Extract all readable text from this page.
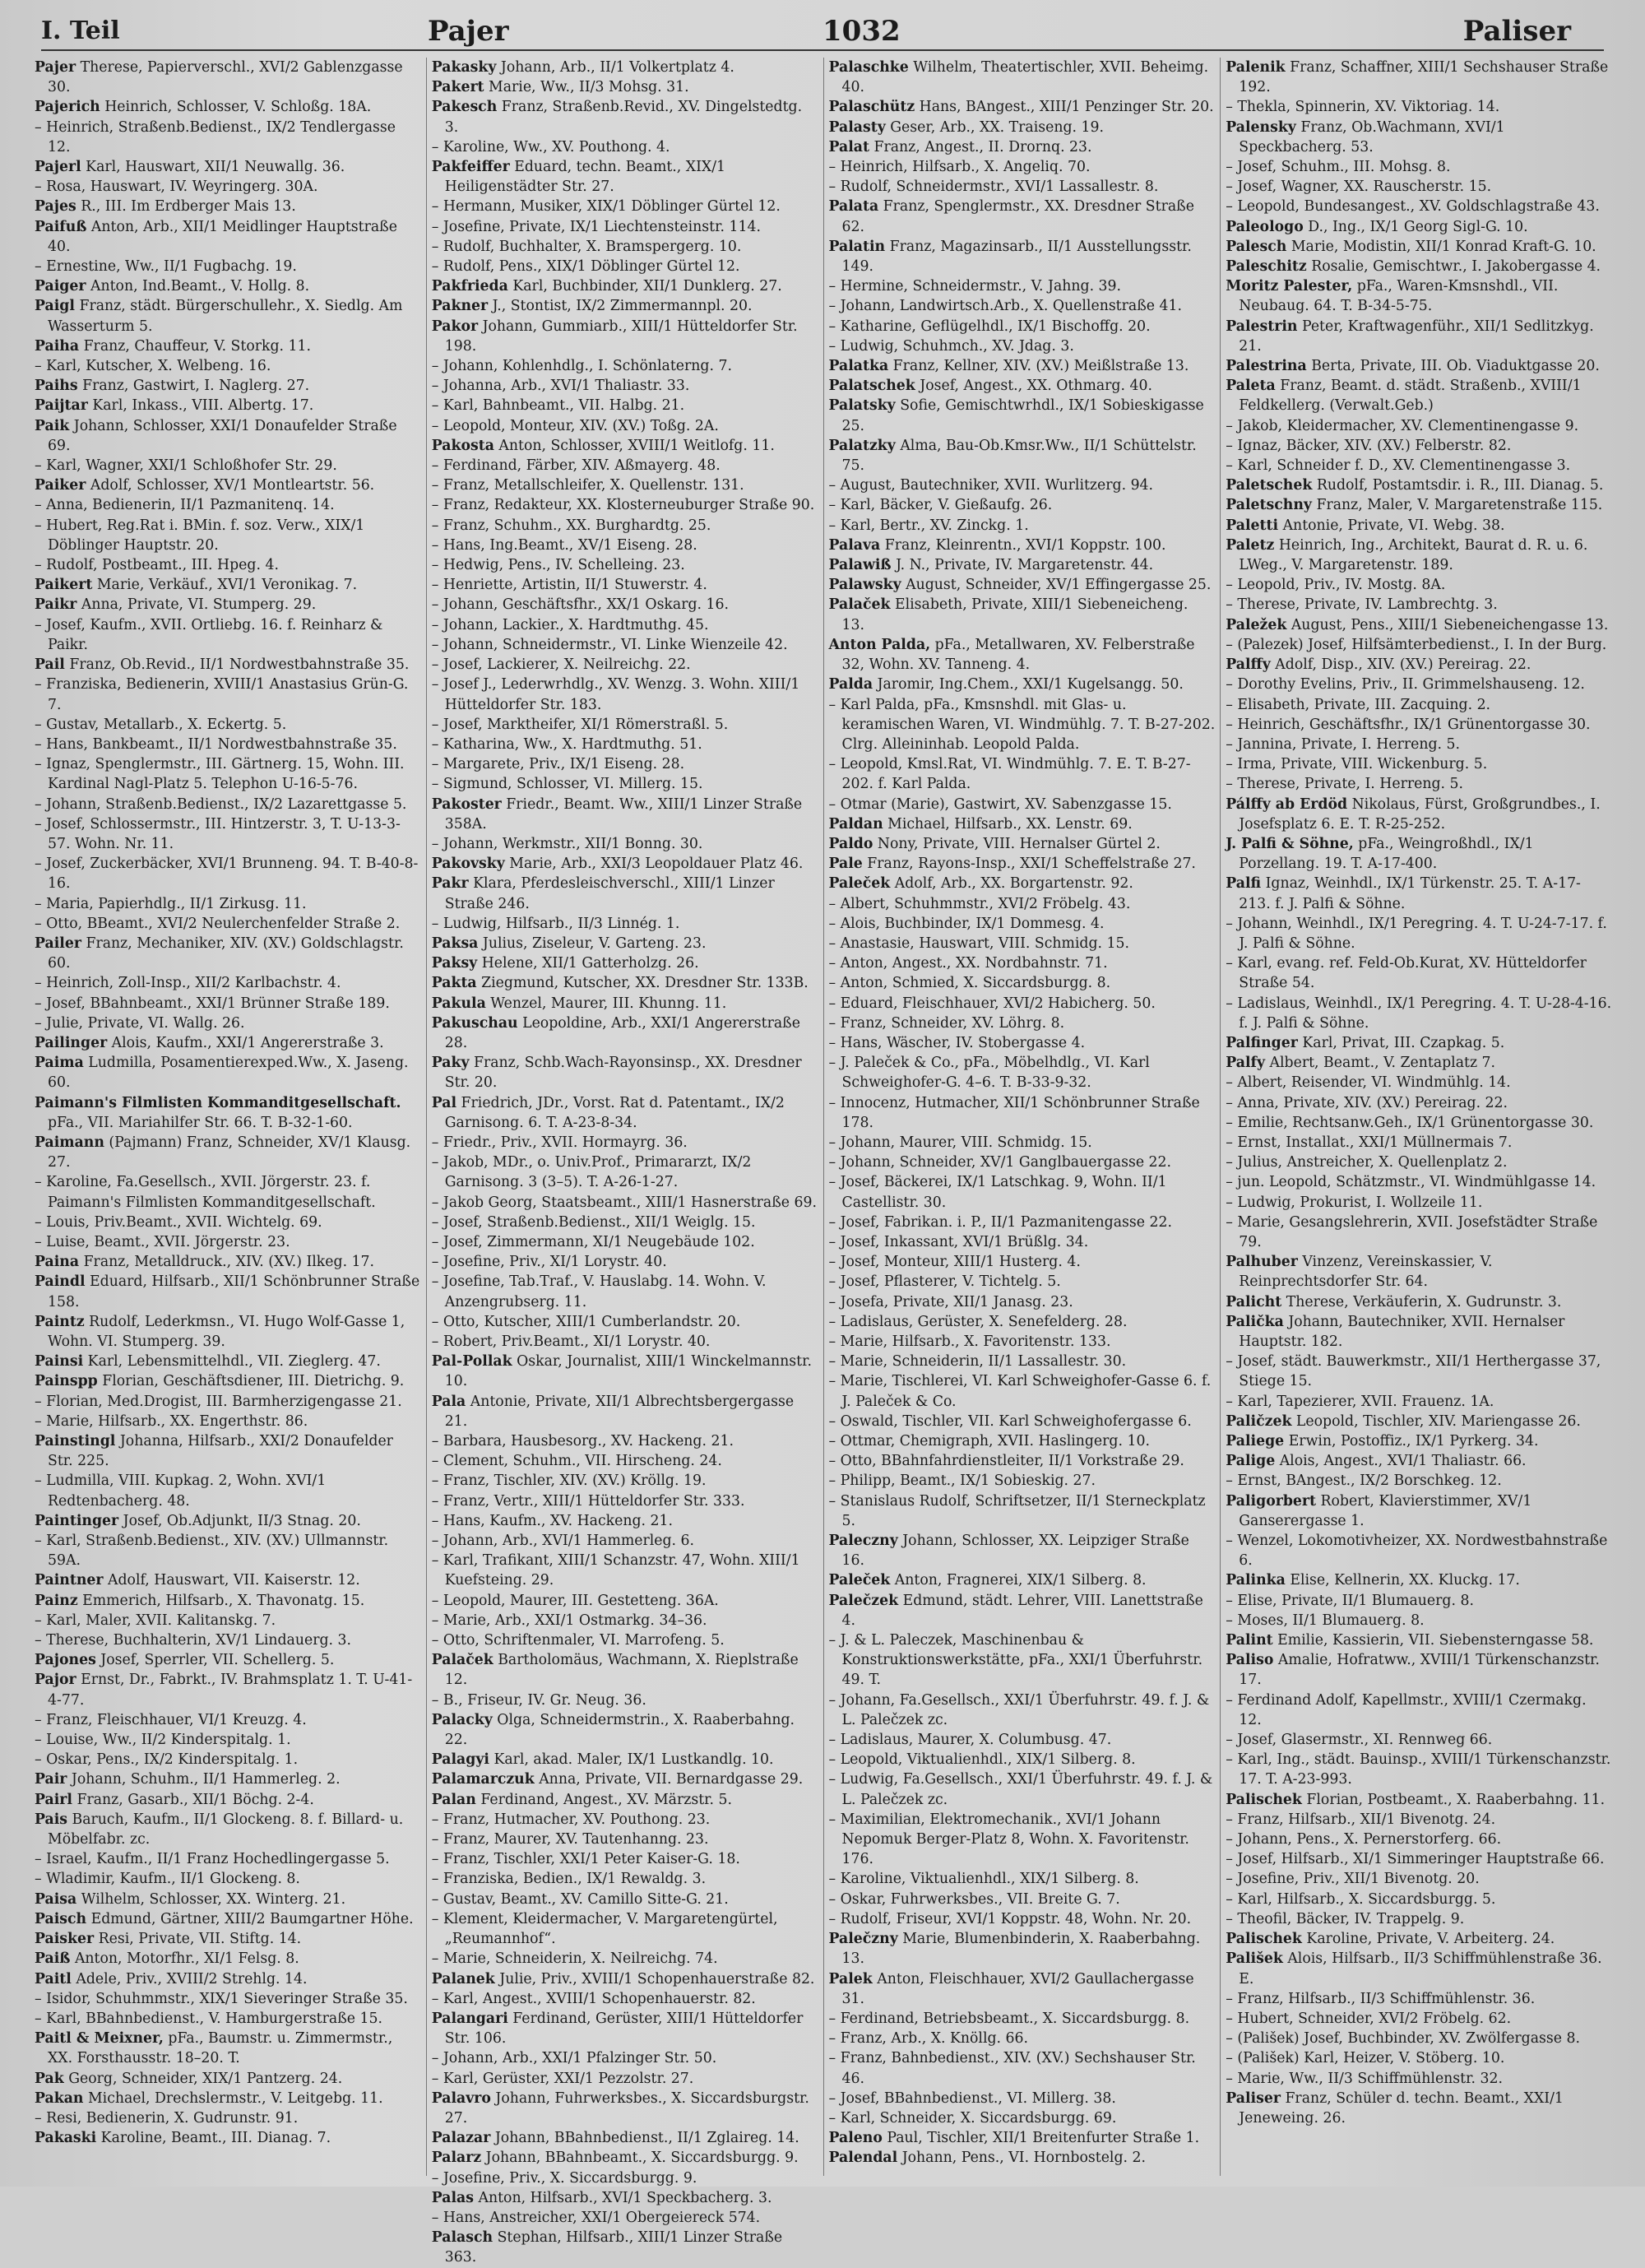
I. Teil	Pajer	1032	Paliser
Pajer Therese, Papierverschl., XVI/2 Gablenzgasse 30.
Pajerich Heinrich, Schlosser, V. Schloßg. 18A.
– Heinrich, Straßenb.Bedienst., IX/2 Tendlergasse 12.
Pajerl Karl, Hauswart, XII/1 Neuwallg. 36.
– Rosa, Hauswart, IV. Weyringerg. 30A.
Pajes R., III. Im Erdberger Mais 13.
Paifuß Anton, Arb., XII/1 Meidlinger Hauptstraße 40.
– Ernestine, Ww., II/1 Fugbachg. 19.
Paiger Anton, Ind.Beamt., V. Hollg. 8.
Paigl Franz, städt. Bürgerschullehr., X. Siedlg. Am Wasserturm 5.
Paiha Franz, Chauffeur, V. Storkg. 11.
– Karl, Kutscher, X. Welbeng. 16.
Paihs Franz, Gastwirt, I. Naglerg. 27.
Paijtar Karl, Inkass., VIII. Albertg. 17.
Paik Johann, Schlosser, XXI/1 Donaufelder Straße 69.
– Karl, Wagner, XXI/1 Schloßhofer Str. 29.
Paiker Adolf, Schlosser, XV/1 Montleartstr. 56.
– Anna, Bedienerin, II/1 Pazmanitenq. 14.
– Hubert, Reg.Rat i. BMin. f. soz. Verw., XIX/1 Döblinger Hauptstr. 20.
– Rudolf, Postbeamt., III. Hpeg. 4.
Paikert Marie, Verkäuf., XVI/1 Veronikag. 7.
Paikr Anna, Private, VI. Stumperg. 29.
– Josef, Kaufm., XVII. Ortliebg. 16. f. Reinharz & Paikr.
Pail Franz, Ob.Revid., II/1 Nordwestbahnstraße 35.
– Franziska, Bedienerin, XVIII/1 Anastasius Grün-G. 7.
– Gustav, Metallarb., X. Eckertg. 5.
– Hans, Bankbeamt., II/1 Nordwestbahnstraße 35.
– Ignaz, Spenglermstr., III. Gärtnerg. 15, Wohn. III. Kardinal Nagl-Platz 5. Telephon U-16-5-76.
– Johann, Straßenb.Bedienst., IX/2 Lazarettgasse 5.
– Josef, Schlossermstr., III. Hintzerstr. 3, T. U-13-3-57. Wohn. Nr. 11.
– Josef, Zuckerbäcker, XVI/1 Brunneng. 94. T. B-40-8-16.
– Maria, Papierhdlg., II/1 Zirkusg. 11.
– Otto, BBeamt., XVI/2 Neulerchenfelder Straße 2.
Pailer Franz, Mechaniker, XIV. (XV.) Goldschlagstr. 60.
– Heinrich, Zoll-Insp., XII/2 Karlbachstr. 4.
– Josef, BBahnbeamt., XXI/1 Brünner Straße 189.
– Julie, Private, VI. Wallg. 26.
Pailinger Alois, Kaufm., XXI/1 Angererstraße 3.
Paima Ludmilla, Posamentierexped.Ww., X. Jaseng. 60.
Paimann's Filmlisten Kommanditgesellschaft. pFa., VII. Mariahilfer Str. 66. T. B-32-1-60.
Paimann (Pajmann) Franz, Schneider, XV/1 Klausg. 27.
– Karoline, Fa.Gesellsch., XVII. Jörgerstr. 23. f. Paimann's Filmlisten Kommanditgesellschaft.
– Louis, Priv.Beamt., XVII. Wichtelg. 69.
– Luise, Beamt., XVII. Jörgerstr. 23.
Paina Franz, Metalldruck., XIV. (XV.) Ilkeg. 17.
Paindl Eduard, Hilfsarb., XII/1 Schönbrunner Straße 158.
Paintz Rudolf, Lederkmsn., VI. Hugo Wolf-Gasse 1, Wohn. VI. Stumperg. 39.
Painsi Karl, Lebensmittelhdl., VII. Zieglerg. 47.
Painspp Florian, Geschäftsdiener, III. Dietrichg. 9.
– Florian, Med.Drogist, III. Barmherzigengasse 21.
– Marie, Hilfsarb., XX. Engerthstr. 86.
Painstingl Johanna, Hilfsarb., XXI/2 Donaufelder Str. 225.
– Ludmilla, VIII. Kupkag. 2, Wohn. XVI/1 Redtenbacherg. 48.
Paintinger Josef, Ob.Adjunkt, II/3 Stnag. 20.
– Karl, Straßenb.Bedienst., XIV. (XV.) Ullmannstr. 59A.
Paintner Adolf, Hauswart, VII. Kaiserstr. 12.
Painz Emmerich, Hilfsarb., X. Thavonatg. 15.
– Karl, Maler, XVII. Kalitanskg. 7.
– Therese, Buchhalterin, XV/1 Lindauerg. 3.
Pajones Josef, Sperrler, VII. Schellerg. 5.
Pajor Ernst, Dr., Fabrkt., IV. Brahmsplatz 1. T. U-41-4-77.
– Franz, Fleischhauer, VI/1 Kreuzg. 4.
– Louise, Ww., II/2 Kinderspitalg. 1.
– Oskar, Pens., IX/2 Kinderspitalg. 1.
Pair Johann, Schuhm., II/1 Hammerleg. 2.
Pairl Franz, Gasarb., XII/1 Böchg. 2-4.
Pais Baruch, Kaufm., II/1 Glockeng. 8. f. Billard- u. Möbelfabr. zc.
– Israel, Kaufm., II/1 Franz Hochedlingergasse 5.
– Wladimir, Kaufm., II/1 Glockeng. 8.
Paisa Wilhelm, Schlosser, XX. Winterg. 21.
Paisch Edmund, Gärtner, XIII/2 Baumgartner Höhe.
Paisker Resi, Private, VII. Stiftg. 14.
Paiß Anton, Motorfhr., XI/1 Felsg. 8.
Paitl Adele, Priv., XVIII/2 Strehlg. 14.
– Isidor, Schuhmmstr., XIX/1 Sieveringer Straße 35.
– Karl, BBahnbedienst., V. Hamburgerstraße 15.
Paitl & Meixner, pFa., Baumstr. u. Zimmermstr., XX. Forsthausstr. 18–20. T.
Pak Georg, Schneider, XIX/1 Pantzerg. 24.
Pakan Michael, Drechslermstr., V. Leitgebg. 11.
– Resi, Bedienerin, X. Gudrunstr. 91.
Pakaski Karoline, Beamt., III. Dianag. 7.
Pakasky Johann, Arb., II/1 Volkertplatz 4.
Pakert Marie, Ww., II/3 Mohsg. 31.
Pakesch Franz, Straßenb.Revid., XV. Dingelstedtg. 3.
– Karoline, Ww., XV. Pouthong. 4.
Pakfeiffer Eduard, techn. Beamt., XIX/1 Heiligenstädter Str. 27.
– Hermann, Musiker, XIX/1 Döblinger Gürtel 12.
– Josefine, Private, IX/1 Liechtensteinstr. 114.
– Rudolf, Buchhalter, X. Bramspergerg. 10.
– Rudolf, Pens., XIX/1 Döblinger Gürtel 12.
Pakfrieda Karl, Buchbinder, XII/1 Dunklerg. 27.
Pakner J., Stontist, IX/2 Zimmermannpl. 20.
Pakor Johann, Gummiarb., XIII/1 Hütteldorfer Str. 198.
– Johann, Kohlenhdlg., I. Schönlaterng. 7.
– Johanna, Arb., XVI/1 Thaliastr. 33.
– Karl, Bahnbeamt., VII. Halbg. 21.
– Leopold, Monteur, XIV. (XV.) Toßg. 2A.
Pakosta Anton, Schlosser, XVIII/1 Weitlofg. 11.
– Ferdinand, Färber, XIV. Aßmayerg. 48.
– Franz, Metallschleifer, X. Quellenstr. 131.
– Franz, Redakteur, XX. Klosterneuburger Straße 90.
– Franz, Schuhm., XX. Burghardtg. 25.
– Hans, Ing.Beamt., XV/1 Eiseng. 28.
– Hedwig, Pens., IV. Schelleing. 23.
– Henriette, Artistin, II/1 Stuwerstr. 4.
– Johann, Geschäftsfhr., XX/1 Oskarg. 16.
– Johann, Lackier., X. Hardtmuthg. 45.
– Johann, Schneidermstr., VI. Linke Wienzeile 42.
– Josef, Lackierer, X. Neilreichg. 22.
– Josef J., Lederwrhdlg., XV. Wenzg. 3. Wohn. XIII/1 Hütteldorfer Str. 183.
– Josef, Marktheifer, XI/1 Römerstraßl. 5.
– Katharina, Ww., X. Hardtmuthg. 51.
– Margarete, Priv., IX/1 Eiseng. 28.
– Sigmund, Schlosser, VI. Millerg. 15.
Pakoster Friedr., Beamt. Ww., XIII/1 Linzer Straße 358A.
– Johann, Werkmstr., XII/1 Bonng. 30.
Pakovsky Marie, Arb., XXI/3 Leopoldauer Platz 46.
Pakr Klara, Pferdesleischverschl., XIII/1 Linzer Straße 246.
– Ludwig, Hilfsarb., II/3 Linnég. 1.
Paksa Julius, Ziseleur, V. Garteng. 23.
Paksy Helene, XII/1 Gatterholzg. 26.
Pakta Ziegmund, Kutscher, XX. Dresdner Str. 133B.
Pakula Wenzel, Maurer, III. Khunng. 11.
Pakuschau Leopoldine, Arb., XXI/1 Angererstraße 28.
Paky Franz, Schb.Wach-Rayonsinsp., XX. Dresdner Str. 20.
Pal Friedrich, JDr., Vorst. Rat d. Patentamt., IX/2 Garnisong. 6. T. A-23-8-34.
– Friedr., Priv., XVII. Hormayrg. 36.
– Jakob, MDr., o. Univ.Prof., Primararzt, IX/2 Garnisong. 3 (3–5). T. A-26-1-27.
– Jakob Georg, Staatsbeamt., XIII/1 Hasnerstraße 69.
– Josef, Straßenb.Bedienst., XII/1 Weiglg. 15.
– Josef, Zimmermann, XI/1 Neugebäude 102.
– Josefine, Priv., XI/1 Lorystr. 40.
– Josefine, Tab.Traf., V. Hauslabg. 14. Wohn. V. Anzengrubserg. 11.
– Otto, Kutscher, XIII/1 Cumberlandstr. 20.
– Robert, Priv.Beamt., XI/1 Lorystr. 40.
Pal-Pollak Oskar, Journalist, XIII/1 Winckelmannstr. 10.
Pala Antonie, Private, XII/1 Albrechtsbergergasse 21.
– Barbara, Hausbesorg., XV. Hackeng. 21.
– Clement, Schuhm., VII. Hirscheng. 24.
– Franz, Tischler, XIV. (XV.) Kröllg. 19.
– Franz, Vertr., XIII/1 Hütteldorfer Str. 333.
– Hans, Kaufm., XV. Hackeng. 21.
– Johann, Arb., XVI/1 Hammerleg. 6.
– Karl, Trafikant, XIII/1 Schanzstr. 47, Wohn. XIII/1 Kuefsteing. 29.
– Leopold, Maurer, III. Gestetteng. 36A.
– Marie, Arb., XXI/1 Ostmarkg. 34–36.
– Otto, Schriftenmaler, VI. Marrofeng. 5.
Palaček Bartholomäus, Wachmann, X. Rieplstraße 12.
– B., Friseur, IV. Gr. Neug. 36.
Palacky Olga, Schneidermstrin., X. Raaberbahng. 22.
Palagyi Karl, akad. Maler, IX/1 Lustkandlg. 10.
Palamarczuk Anna, Private, VII. Bernardgasse 29.
Palan Ferdinand, Angest., XV. Märzstr. 5.
– Franz, Hutmacher, XV. Pouthong. 23.
– Franz, Maurer, XV. Tautenhanng. 23.
– Franz, Tischler, XXI/1 Peter Kaiser-G. 18.
– Franziska, Bedien., IX/1 Rewaldg. 3.
– Gustav, Beamt., XV. Camillo Sitte-G. 21.
– Klement, Kleidermacher, V. Margaretengürtel, „Reumannhof“.
– Marie, Schneiderin, X. Neilreichg. 74.
Palanek Julie, Priv., XVIII/1 Schopenhauerstraße 82.
– Karl, Angest., XVIII/1 Schopenhauerstr. 82.
Palangari Ferdinand, Gerüster, XIII/1 Hütteldorfer Str. 106.
– Johann, Arb., XXI/1 Pfalzinger Str. 50.
– Karl, Gerüster, XXI/1 Pezzolstr. 27.
Palavro Johann, Fuhrwerksbes., X. Siccardsburgstr. 27.
Palazar Johann, BBahnbedienst., II/1 Zglaireg. 14.
Palarz Johann, BBahnbeamt., X. Siccardsburgg. 9.
– Josefine, Priv., X. Siccardsburgg. 9.
Palas Anton, Hilfsarb., XVI/1 Speckbacherg. 3.
– Hans, Anstreicher, XXI/1 Obergeiereck 574.
Palasch Stephan, Hilfsarb., XIII/1 Linzer Straße 363.
Palaschke Wilhelm, Theatertischler, XVII. Beheimg. 40.
Palaschütz Hans, BAngest., XIII/1 Penzinger Str. 20.
Palasty Geser, Arb., XX. Traiseng. 19.
Palat Franz, Angest., II. Drornq. 23.
– Heinrich, Hilfsarb., X. Angeliq. 70.
– Rudolf, Schneidermstr., XVI/1 Lassallestr. 8.
Palata Franz, Spenglermstr., XX. Dresdner Straße 62.
Palatin Franz, Magazinsarb., II/1 Ausstellungsstr. 149.
– Hermine, Schneidermstr., V. Jahng. 39.
– Johann, Landwirtsch.Arb., X. Quellenstraße 41.
– Katharine, Geflügelhdl., IX/1 Bischoffg. 20.
– Ludwig, Schuhmch., XV. Jdag. 3.
Palatka Franz, Kellner, XIV. (XV.) Meißlstraße 13.
Palatschek Josef, Angest., XX. Othmarg. 40.
Palatsky Sofie, Gemischtwrhdl., IX/1 Sobieskigasse 25.
Palatzky Alma, Bau-Ob.Kmsr.Ww., II/1 Schüttelstr. 75.
– August, Bautechniker, XVII. Wurlitzerg. 94.
– Karl, Bäcker, V. Gießaufg. 26.
– Karl, Bertr., XV. Zinckg. 1.
Palava Franz, Kleinrentn., XVI/1 Koppstr. 100.
Palawiß J. N., Private, IV. Margaretenstr. 44.
Palawsky August, Schneider, XV/1 Effingergasse 25.
Palaček Elisabeth, Private, XIII/1 Siebeneicheng. 13.
Anton Palda, pFa., Metallwaren, XV. Felberstraße 32, Wohn. XV. Tanneng. 4.
Palda Jaromir, Ing.Chem., XXI/1 Kugelsangg. 50.
– Karl Palda, pFa., Kmsnshdl. mit Glas- u. keramischen Waren, VI. Windmühlg. 7. T. B-27-202. Clrg. Alleininhab. Leopold Palda.
– Leopold, Kmsl.Rat, VI. Windmühlg. 7. E. T. B-27-202. f. Karl Palda.
– Otmar (Marie), Gastwirt, XV. Sabenzgasse 15.
Paldan Michael, Hilfsarb., XX. Lenstr. 69.
Paldo Nony, Private, VIII. Hernalser Gürtel 2.
Pale Franz, Rayons-Insp., XXI/1 Scheffelstraße 27.
Paleček Adolf, Arb., XX. Borgartenstr. 92.
– Albert, Schuhmmstr., XVI/2 Fröbelg. 43.
– Alois, Buchbinder, IX/1 Dommesg. 4.
– Anastasie, Hauswart, VIII. Schmidg. 15.
– Anton, Angest., XX. Nordbahnstr. 71.
– Anton, Schmied, X. Siccardsburgg. 8.
– Eduard, Fleischhauer, XVI/2 Habicherg. 50.
– Franz, Schneider, XV. Löhrg. 8.
– Hans, Wäscher, IV. Stobergasse 4.
– J. Paleček & Co., pFa., Möbelhdlg., VI. Karl Schweighofer-G. 4–6. T. B-33-9-32.
– Innocenz, Hutmacher, XII/1 Schönbrunner Straße 178.
– Johann, Maurer, VIII. Schmidg. 15.
– Johann, Schneider, XV/1 Ganglbauergasse 22.
– Josef, Bäckerei, IX/1 Latschkag. 9, Wohn. II/1 Castellistr. 30.
– Josef, Fabrikan. i. P., II/1 Pazmanitengasse 22.
– Josef, Inkassant, XVI/1 Brüßlg. 34.
– Josef, Monteur, XIII/1 Husterg. 4.
– Josef, Pflasterer, V. Tichtelg. 5.
– Josefa, Private, XII/1 Janasg. 23.
– Ladislaus, Gerüster, X. Senefelderg. 28.
– Marie, Hilfsarb., X. Favoritenstr. 133.
– Marie, Schneiderin, II/1 Lassallestr. 30.
– Marie, Tischlerei, VI. Karl Schweighofer-Gasse 6. f. J. Paleček & Co.
– Oswald, Tischler, VII. Karl Schweighofergasse 6.
– Ottmar, Chemigraph, XVII. Haslingerg. 10.
– Otto, BBahnfahrdienstleiter, II/1 Vorkstraße 29.
– Philipp, Beamt., IX/1 Sobieskig. 27.
– Stanislaus Rudolf, Schriftsetzer, II/1 Sterneckplatz 5.
Paleczny Johann, Schlosser, XX. Leipziger Straße 16.
Paleček Anton, Fragnerei, XIX/1 Silberg. 8.
Palečzek Edmund, städt. Lehrer, VIII. Lanettstraße 4.
– J. & L. Paleczek, Maschinenbau & Konstruktionswerkstätte, pFa., XXI/1 Überfuhrstr. 49. T.
– Johann, Fa.Gesellsch., XXI/1 Überfuhrstr. 49. f. J. & L. Palečzek zc.
– Ladislaus, Maurer, X. Columbusg. 47.
– Leopold, Viktualienhdl., XIX/1 Silberg. 8.
– Ludwig, Fa.Gesellsch., XXI/1 Überfuhrstr. 49. f. J. & L. Palečzek zc.
– Maximilian, Elektromechanik., XVI/1 Johann Nepomuk Berger-Platz 8, Wohn. X. Favoritenstr. 176.
– Karoline, Viktualienhdl., XIX/1 Silberg. 8.
– Oskar, Fuhrwerksbes., VII. Breite G. 7.
– Rudolf, Friseur, XVI/1 Koppstr. 48, Wohn. Nr. 20.
Palečzny Marie, Blumenbinderin, X. Raaberbahng. 13.
Palek Anton, Fleischhauer, XVI/2 Gaullachergasse 31.
– Ferdinand, Betriebsbeamt., X. Siccardsburgg. 8.
– Franz, Arb., X. Knöllg. 66.
– Franz, Bahnbedienst., XIV. (XV.) Sechshauser Str. 46.
– Josef, BBahnbedienst., VI. Millerg. 38.
– Karl, Schneider, X. Siccardsburgg. 69.
Paleno Paul, Tischler, XII/1 Breitenfurter Straße 1.
Palendal Johann, Pens., VI. Hornbostelg. 2.
Palenik Franz, Schaffner, XIII/1 Sechshauser Straße 192.
– Thekla, Spinnerin, XV. Viktoriag. 14.
Palensky Franz, Ob.Wachmann, XVI/1 Speckbacherg. 53.
– Josef, Schuhm., III. Mohsg. 8.
– Josef, Wagner, XX. Rauscherstr. 15.
– Leopold, Bundesangest., XV. Goldschlagstraße 43.
Paleologo D., Ing., IX/1 Georg Sigl-G. 10.
Palesch Marie, Modistin, XII/1 Konrad Kraft-G. 10.
Paleschitz Rosalie, Gemischtwr., I. Jakobergasse 4.
Moritz Palester, pFa., Waren-Kmsnshdl., VII. Neubaug. 64. T. B-34-5-75.
Palestrin Peter, Kraftwagenführ., XII/1 Sedlitzkyg. 21.
Palestrina Berta, Private, III. Ob. Viaduktgasse 20.
Paleta Franz, Beamt. d. städt. Straßenb., XVIII/1 Feldkellerg. (Verwalt.Geb.)
– Jakob, Kleidermacher, XV. Clementinengasse 9.
– Ignaz, Bäcker, XIV. (XV.) Felberstr. 82.
– Karl, Schneider f. D., XV. Clementinengasse 3.
Paletschek Rudolf, Postamtsdir. i. R., III. Dianag. 5.
Paletschny Franz, Maler, V. Margaretenstraße 115.
Paletti Antonie, Private, VI. Webg. 38.
Paletz Heinrich, Ing., Architekt, Baurat d. R. u. 6. LWeg., V. Margaretenstr. 189.
– Leopold, Priv., IV. Mostg. 8A.
– Therese, Private, IV. Lambrechtg. 3.
Paležek August, Pens., XIII/1 Siebeneichengasse 13.
– (Palezek) Josef, Hilfsämterbedienst., I. In der Burg.
Palffy Adolf, Disp., XIV. (XV.) Pereirag. 22.
– Dorothy Evelins, Priv., II. Grimmelshauseng. 12.
– Elisabeth, Private, III. Zacquing. 2.
– Heinrich, Geschäftsfhr., IX/1 Grünentorgasse 30.
– Jannina, Private, I. Herreng. 5.
– Irma, Private, VIII. Wickenburg. 5.
– Therese, Private, I. Herreng. 5.
Pálffy ab Erdöd Nikolaus, Fürst, Großgrundbes., I. Josefsplatz 6. E. T. R-25-252.
J. Palfi & Söhne, pFa., Weingroßhdl., IX/1 Porzellang. 19. T. A-17-400.
Palfi Ignaz, Weinhdl., IX/1 Türkenstr. 25. T. A-17-213. f. J. Palfi & Söhne.
– Johann, Weinhdl., IX/1 Peregring. 4. T. U-24-7-17. f. J. Palfi & Söhne.
– Karl, evang. ref. Feld-Ob.Kurat, XV. Hütteldorfer Straße 54.
– Ladislaus, Weinhdl., IX/1 Peregring. 4. T. U-28-4-16. f. J. Palfi & Söhne.
Palfinger Karl, Privat, III. Czapkag. 5.
Palfy Albert, Beamt., V. Zentaplatz 7.
– Albert, Reisender, VI. Windmühlg. 14.
– Anna, Private, XIV. (XV.) Pereirag. 22.
– Emilie, Rechtsanw.Geh., IX/1 Grünentorgasse 30.
– Ernst, Installat., XXI/1 Müllnermais 7.
– Julius, Anstreicher, X. Quellenplatz 2.
– jun. Leopold, Schätzmstr., VI. Windmühlgasse 14.
– Ludwig, Prokurist, I. Wollzeile 11.
– Marie, Gesangslehrerin, XVII. Josefstädter Straße 79.
Palhuber Vinzenz, Vereinskassier, V. Reinprechtsdorfer Str. 64.
Palicht Therese, Verkäuferin, X. Gudrunstr. 3.
Palička Johann, Bautechniker, XVII. Hernalser Hauptstr. 182.
– Josef, städt. Bauwerkmstr., XII/1 Herthergasse 37, Stiege 15.
– Karl, Tapezierer, XVII. Frauenz. 1A.
Paličzek Leopold, Tischler, XIV. Mariengasse 26.
Paliege Erwin, Postoffiz., IX/1 Pyrkerg. 34.
Palige Alois, Angest., XVI/1 Thaliastr. 66.
– Ernst, BAngest., IX/2 Borschkeg. 12.
Paligorbert Robert, Klavierstimmer, XV/1 Ganserergasse 1.
– Wenzel, Lokomotivheizer, XX. Nordwestbahnstraße 6.
Palinka Elise, Kellnerin, XX. Kluckg. 17.
– Elise, Private, II/1 Blumauerg. 8.
– Moses, II/1 Blumauerg. 8.
Palint Emilie, Kassierin, VII. Siebensterngasse 58.
Paliso Amalie, Hofratww., XVIII/1 Türkenschanzstr. 17.
– Ferdinand Adolf, Kapellmstr., XVIII/1 Czermakg. 12.
– Josef, Glasermstr., XI. Rennweg 66.
– Karl, Ing., städt. Bauinsp., XVIII/1 Türkenschanzstr. 17. T. A-23-993.
Palischek Florian, Postbeamt., X. Raaberbahng. 11.
– Franz, Hilfsarb., XII/1 Bivenotg. 24.
– Johann, Pens., X. Pernerstorferg. 66.
– Josef, Hilfsarb., XI/1 Simmeringer Hauptstraße 66.
– Josefine, Priv., XII/1 Bivenotg. 20.
– Karl, Hilfsarb., X. Siccardsburgg. 5.
– Theofil, Bäcker, IV. Trappelg. 9.
Palischek Karoline, Private, V. Arbeiterg. 24.
Pališek Alois, Hilfsarb., II/3 Schiffmühlenstraße 36. E.
– Franz, Hilfsarb., II/3 Schiffmühlenstr. 36.
– Hubert, Schneider, XVI/2 Fröbelg. 62.
– (Pališek) Josef, Buchbinder, XV. Zwölfergasse 8.
– (Pališek) Karl, Heizer, V. Stöberg. 10.
– Marie, Ww., II/3 Schiffmühlenstr. 32.
Paliser Franz, Schüler d. techn. Beamt., XXI/1 Jeneweing. 26.
